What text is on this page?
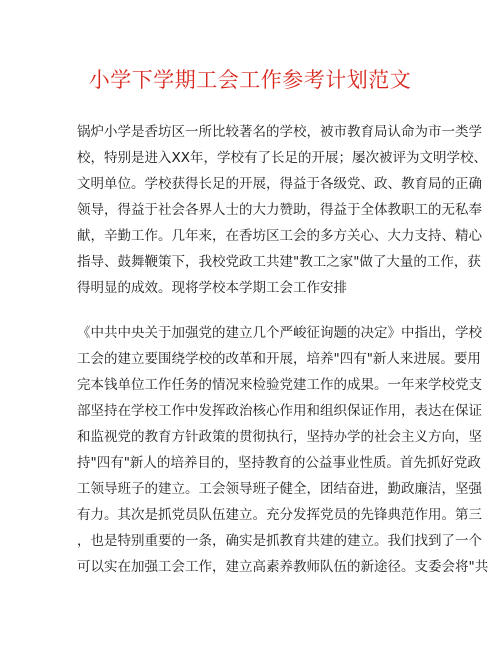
小学下学期工会工作参考计划范文
锅炉小学是香坊区一所比较著名的学校，被市教育局认命为市一类学
校，特别是进入XX年，学校有了长足的开展；屡次被评为文明学校、
文明单位。学校获得长足的开展，得益于各级党、政、教育局的正确
领导，得益于社会各界人士的大力赞助，得益于全体教职工的无私奉
献，辛勤工作。几年来，在香坊区工会的多方关心、大力支持、精心
指导、鼓舞鞭策下，我校党政工共建"教工之家"做了大量的工作，获
得明显的成效。现将学校本学期工会工作安排
《中共中央关于加强党的建立几个严峻征询题的决定》中指出，学校
工会的建立要围绕学校的改革和开展，培养"四有"新人来进展。要用
完本钱单位工作任务的情况来检验党建工作的成果。一年来学校党支
部坚持在学校工作中发挥政治核心作用和组织保证作用，表达在保证
和监视党的教育方针政策的贯彻执行，坚持办学的社会主义方向，坚
持"四有"新人的培养目的，坚持教育的公益事业性质。首先抓好党政
工领导班子的建立。工会领导班子健全，团结奋进，勤政廉洁，坚强
有力。其次是抓党员队伍建立。充分发挥党员的先锋典范作用。第三
，也是特别重要的一条，确实是抓教育共建的建立。我们找到了一个
可以实在加强工会工作，建立高素养教师队伍的新途径。支委会将"共
